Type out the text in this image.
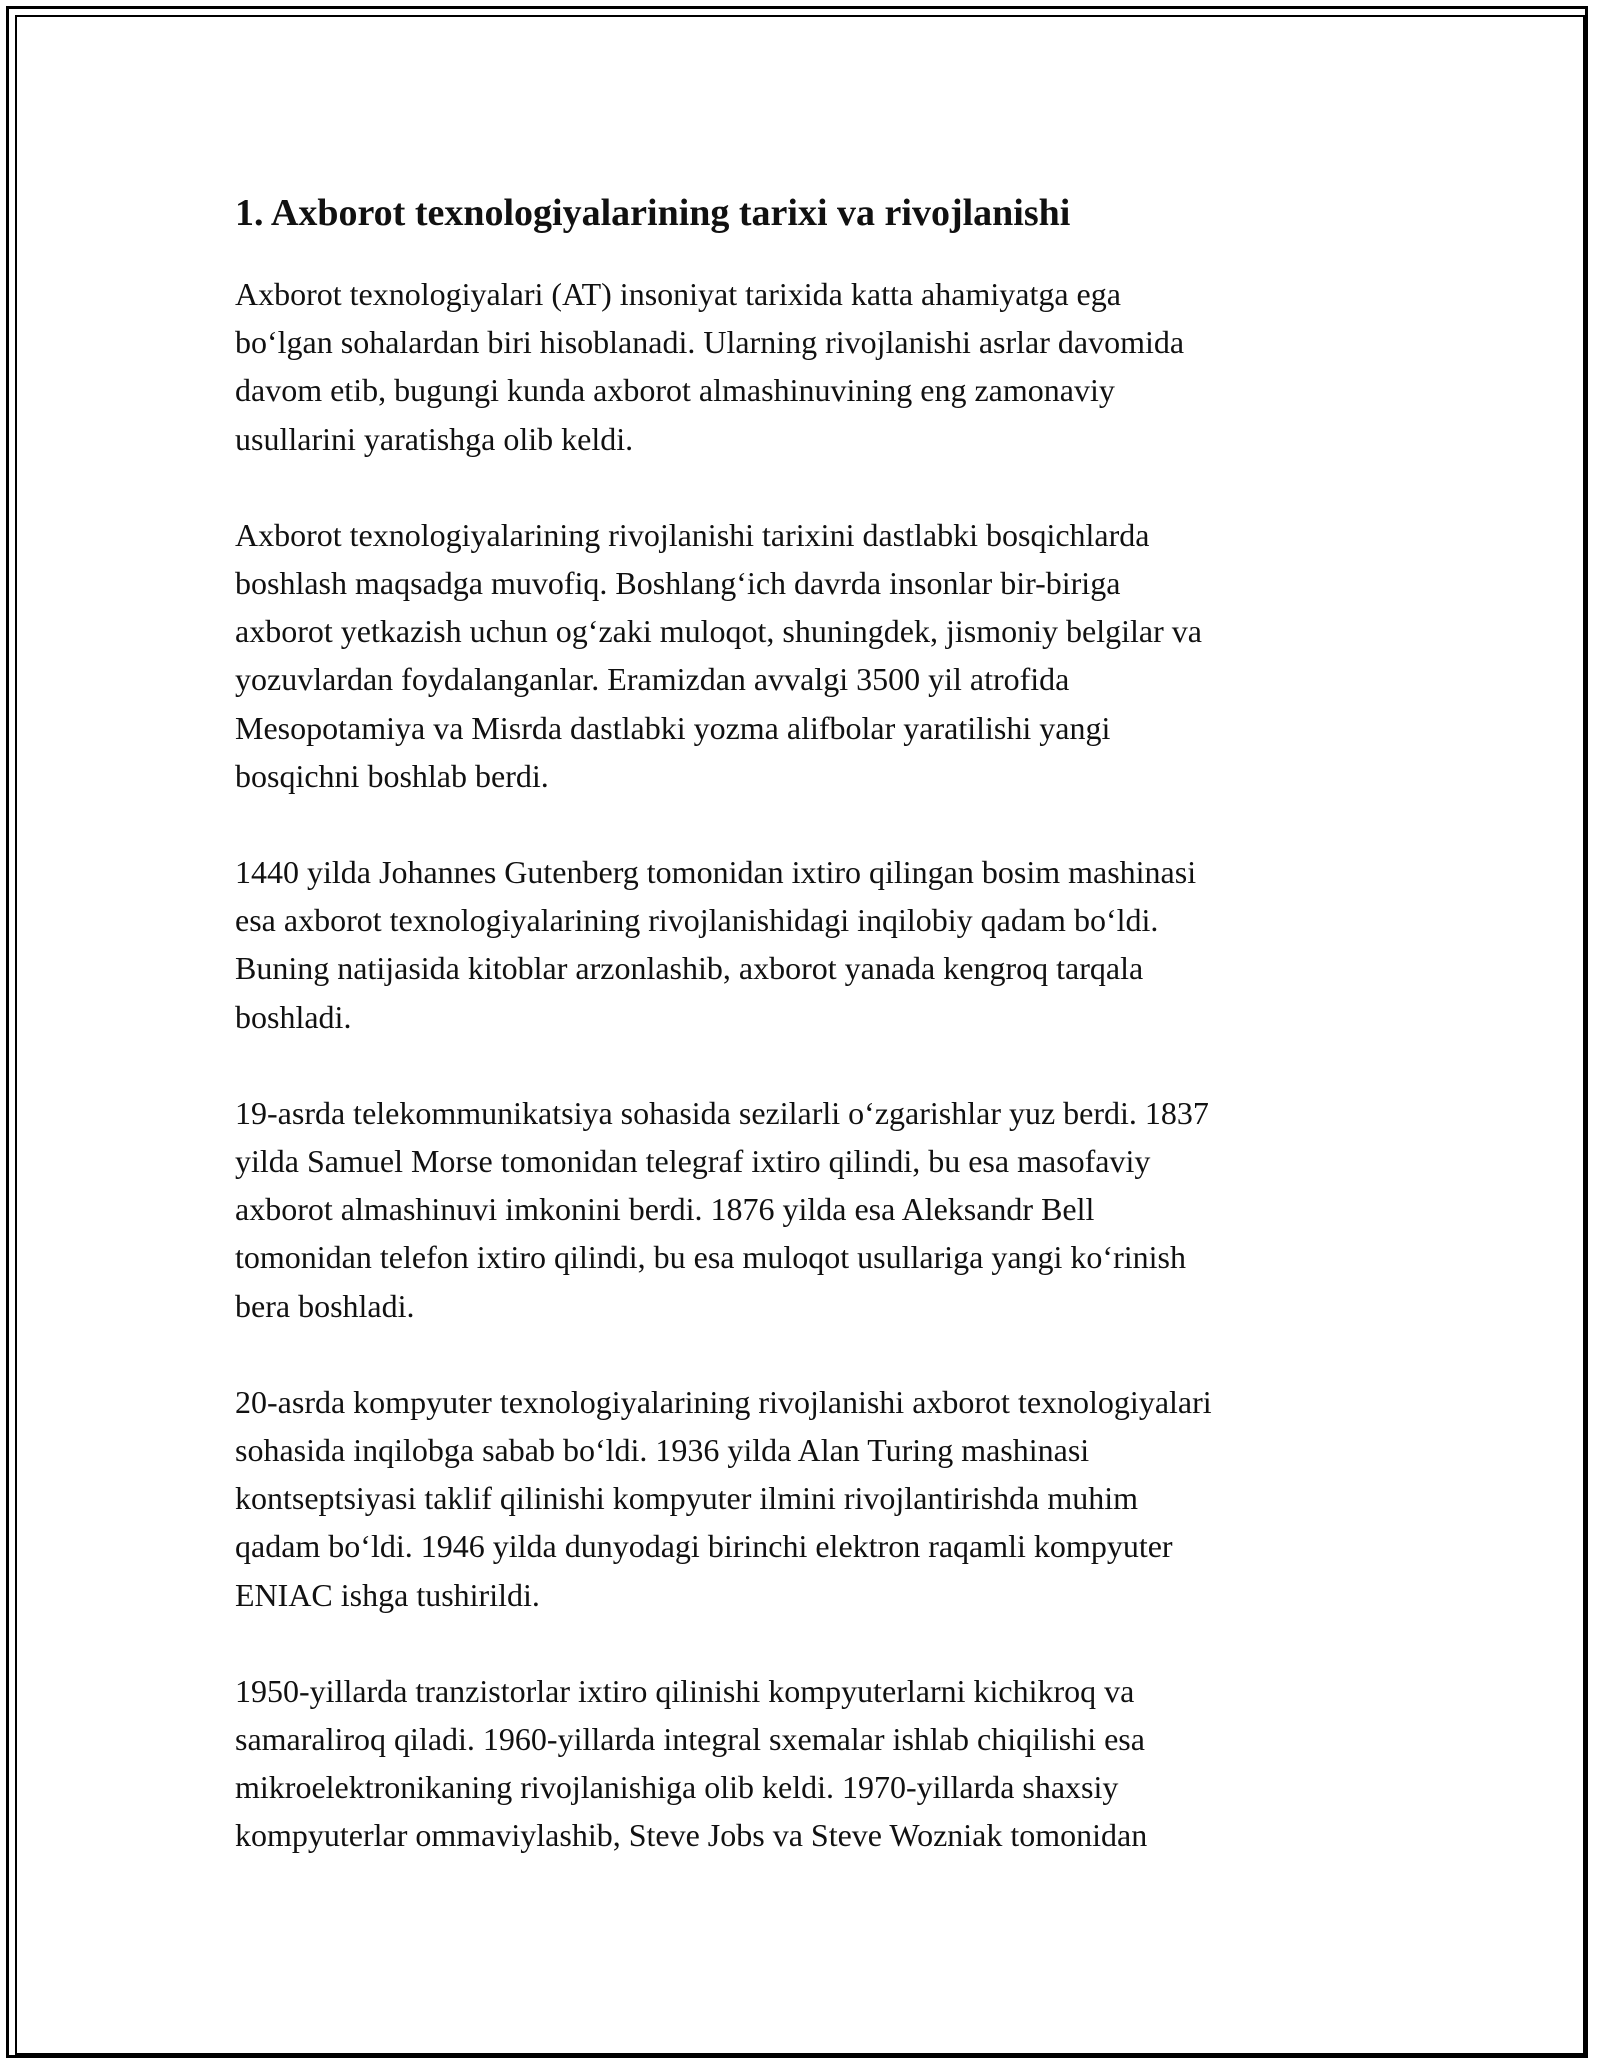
1. Axborot texnologiyalarining tarixi va rivojlanishi

Axborot texnologiyalari (AT) insoniyat tarixida katta ahamiyatga ega
boʻlgan sohalardan biri hisoblanadi. Ularning rivojlanishi asrlar davomida
davom etib, bugungi kunda axborot almashinuvining eng zamonaviy
usullarini yaratishga olib keldi.

Axborot texnologiyalarining rivojlanishi tarixini dastlabki bosqichlarda
boshlash maqsadga muvofiq. Boshlangʻich davrda insonlar bir-biriga
axborot yetkazish uchun ogʻzaki muloqot, shuningdek, jismoniy belgilar va
yozuvlardan foydalanganlar. Eramizdan avvalgi 3500 yil atrofida
Mesopotamiya va Misrda dastlabki yozma alifbolar yaratilishi yangi
bosqichni boshlab berdi.

1440 yilda Johannes Gutenberg tomonidan ixtiro qilingan bosim mashinasi
esa axborot texnologiyalarining rivojlanishidagi inqilobiy qadam boʻldi.
Buning natijasida kitoblar arzonlashib, axborot yanada kengroq tarqala
boshladi.

19-asrda telekommunikatsiya sohasida sezilarli oʻzgarishlar yuz berdi. 1837
yilda Samuel Morse tomonidan telegraf ixtiro qilindi, bu esa masofaviy
axborot almashinuvi imkonini berdi. 1876 yilda esa Aleksandr Bell
tomonidan telefon ixtiro qilindi, bu esa muloqot usullariga yangi koʻrinish
bera boshladi.

20-asrda kompyuter texnologiyalarining rivojlanishi axborot texnologiyalari
sohasida inqilobga sabab boʻldi. 1936 yilda Alan Turing mashinasi
kontseptsiyasi taklif qilinishi kompyuter ilmini rivojlantirishda muhim
qadam boʻldi. 1946 yilda dunyodagi birinchi elektron raqamli kompyuter
ENIAC ishga tushirildi.

1950-yillarda tranzistorlar ixtiro qilinishi kompyuterlarni kichikroq va
samaraliroq qiladi. 1960-yillarda integral sxemalar ishlab chiqilishi esa
mikroelektronikaning rivojlanishiga olib keldi. 1970-yillarda shaxsiy
kompyuterlar ommaviylashib, Steve Jobs va Steve Wozniak tomonidan
